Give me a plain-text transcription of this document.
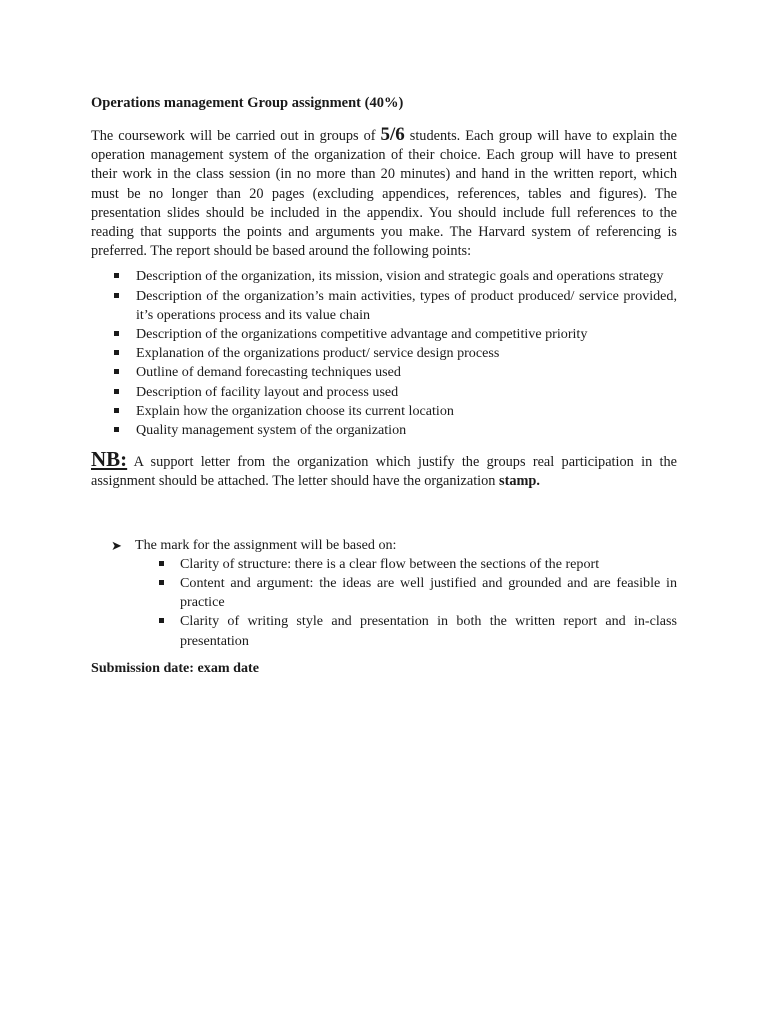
Operations management Group assignment (40%)

The coursework will be carried out in groups of 5/6 students. Each group will have to explain the operation management system of the organization of their choice. Each group will have to present their work in the class session (in no more than 20 minutes) and hand in the written report, which must be no longer than 20 pages (excluding appendices, references, tables and figures). The presentation slides should be included in the appendix. You should include full references to the reading that supports the points and arguments you make. The Harvard system of referencing is preferred. The report should be based around the following points:

Description of the organization, its mission, vision and strategic goals and operations strategy
Description of the organization’s main activities, types of product produced/ service provided, it’s operations process and its value chain
Description of the organizations competitive advantage and competitive priority
Explanation of the organizations product/ service design process
Outline of demand forecasting techniques used
Description of facility layout and process used
Explain how the organization choose its current location
Quality management system of the organization

NB: A support letter from the organization which justify the groups real participation in the assignment should be attached. The letter should have the organization stamp.

➤ The mark for the assignment will be based on:
Clarity of structure: there is a clear flow between the sections of the report
Content and argument: the ideas are well justified and grounded and are feasible in practice
Clarity of writing style and presentation in both the written report and in-class presentation
Submission date: exam date
